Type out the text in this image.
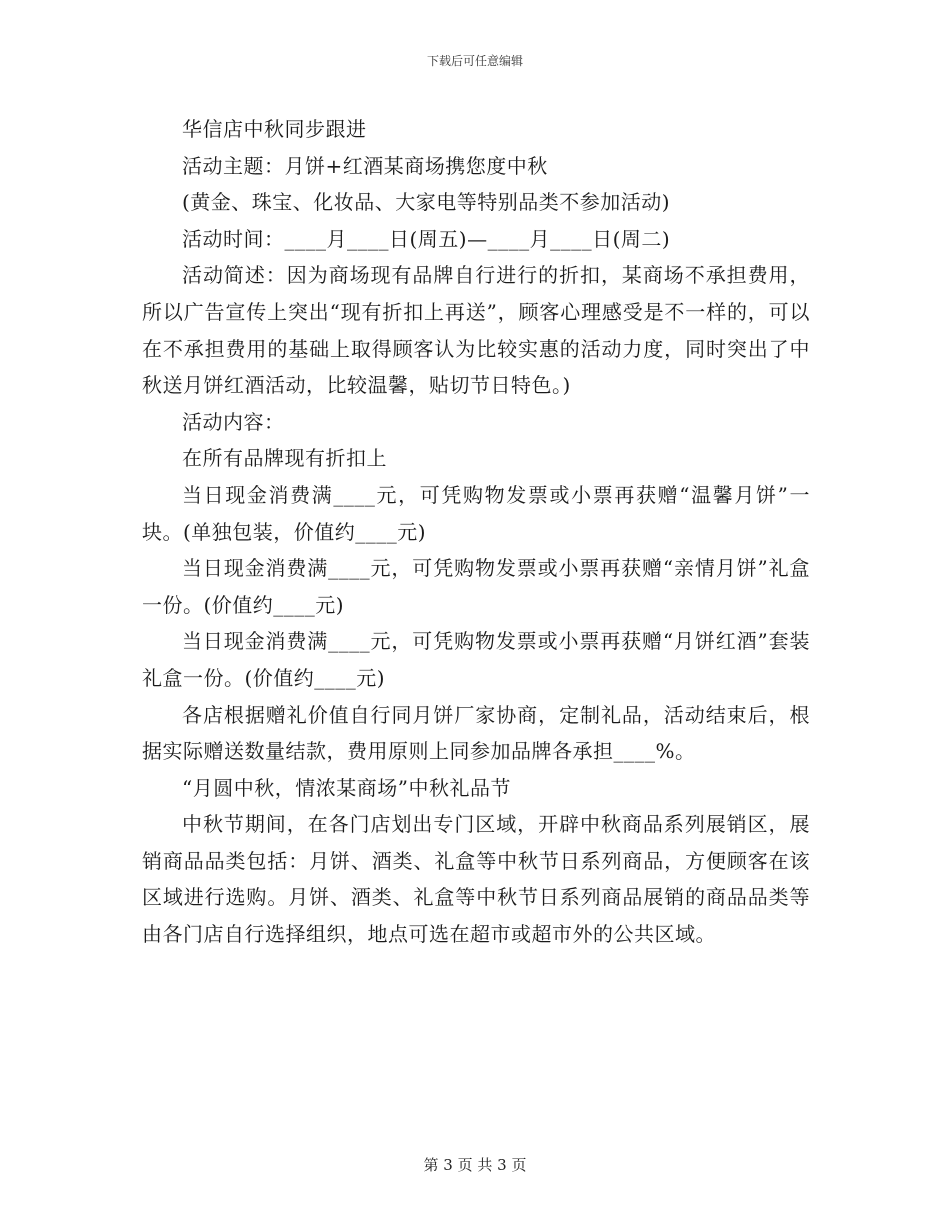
下载后可任意编辑

华信店中秋同步跟进

活动主题：月饼+红酒某商场携您度中秋

(黄金、珠宝、化妆品、大家电等特别品类不参加活动)

活动时间：____月____日(周五)—____月____日(周二)

活动简述：因为商场现有品牌自行进行的折扣，某商场不承担费用，所以广告宣传上突出“现有折扣上再送”，顾客心理感受是不一样的，可以在不承担费用的基础上取得顾客认为比较实惠的活动力度，同时突出了中秋送月饼红酒活动，比较温馨，贴切节日特色。)

活动内容：

在所有品牌现有折扣上

当日现金消费满____元，可凭购物发票或小票再获赠“温馨月饼”一块。(单独包装，价值约____元)

当日现金消费满____元，可凭购物发票或小票再获赠“亲情月饼”礼盒一份。(价值约____元)

当日现金消费满____元，可凭购物发票或小票再获赠“月饼红酒”套装礼盒一份。(价值约____元)

各店根据赠礼价值自行同月饼厂家协商，定制礼品，活动结束后，根据实际赠送数量结款，费用原则上同参加品牌各承担____%。

“月圆中秋，情浓某商场”中秋礼品节

中秋节期间，在各门店划出专门区域，开辟中秋商品系列展销区，展销商品品类包括：月饼、酒类、礼盒等中秋节日系列商品，方便顾客在该区域进行选购。月饼、酒类、礼盒等中秋节日系列商品展销的商品品类等由各门店自行选择组织，地点可选在超市或超市外的公共区域。

第 3 页 共 3 页
